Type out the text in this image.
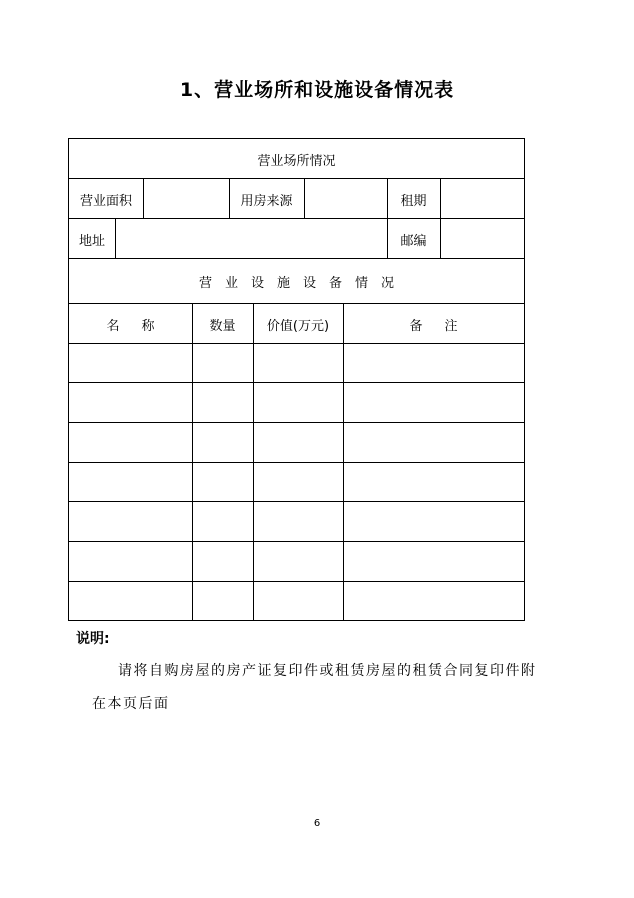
1、营业场所和设施设备情况表
营业场所情况
营业面积	用房来源	租期
地址	邮编
营业设施设备情况
名称	数量	价值(万元)	备注
说明:
请将自购房屋的房产证复印件或租赁房屋的租赁合同复印件附
在本页后面
6
